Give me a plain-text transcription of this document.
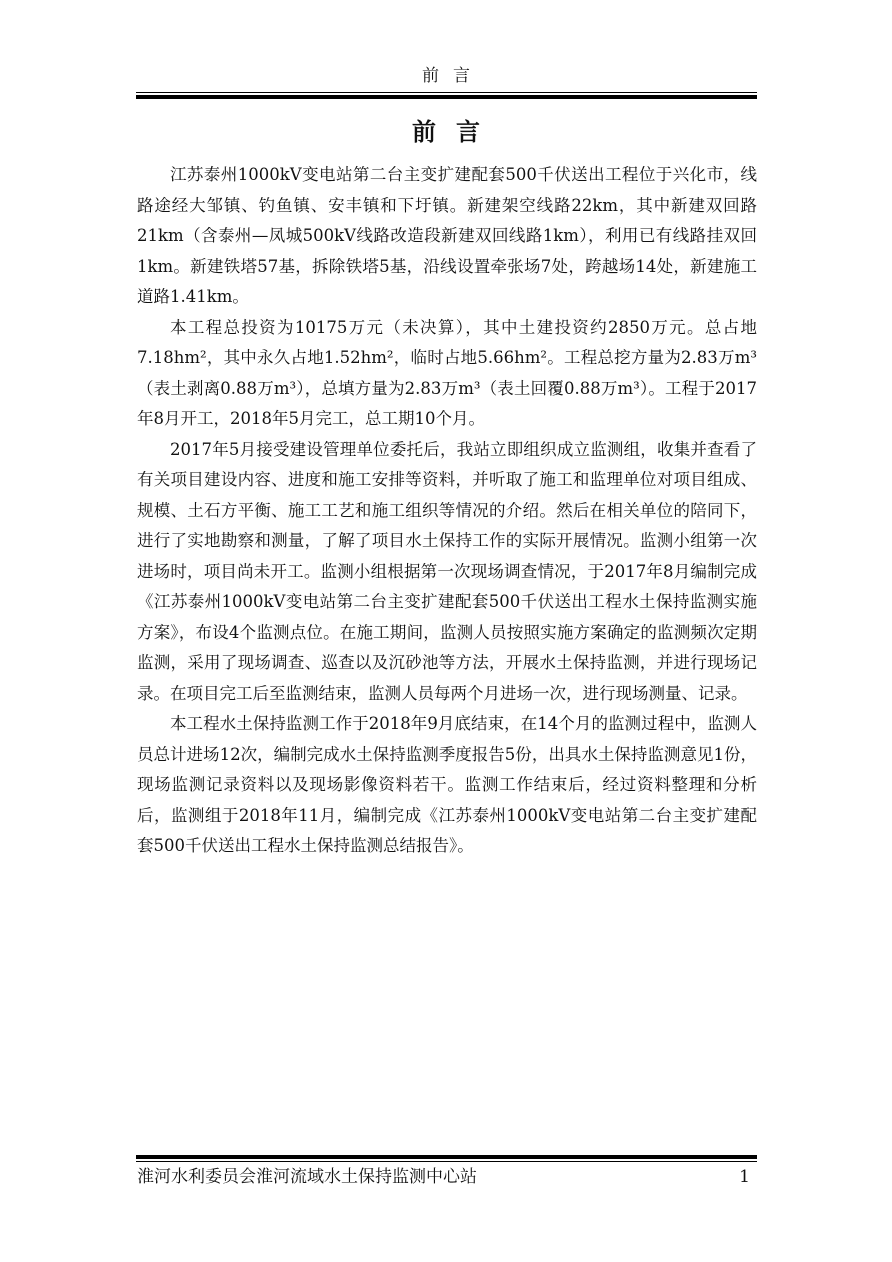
前言
前言

江苏泰州1000kV变电站第二台主变扩建配套500千伏送出工程位于兴化市，线路途经大邹镇、钓鱼镇、安丰镇和下圩镇。新建架空线路22km，其中新建双回路21km（含泰州—凤城500kV线路改造段新建双回线路1km），利用已有线路挂双回1km。新建铁塔57基，拆除铁塔5基，沿线设置牵张场7处，跨越场14处，新建施工道路1.41km。

本工程总投资为10175万元（未决算），其中土建投资约2850万元。总占地7.18hm²，其中永久占地1.52hm²，临时占地5.66hm²。工程总挖方量为2.83万m³（表土剥离0.88万m³），总填方量为2.83万m³（表土回覆0.88万m³）。工程于2017年8月开工，2018年5月完工，总工期10个月。

2017年5月接受建设管理单位委托后，我站立即组织成立监测组，收集并查看了有关项目建设内容、进度和施工安排等资料，并听取了施工和监理单位对项目组成、规模、土石方平衡、施工工艺和施工组织等情况的介绍。然后在相关单位的陪同下，进行了实地勘察和测量，了解了项目水土保持工作的实际开展情况。监测小组第一次进场时，项目尚未开工。监测小组根据第一次现场调查情况，于2017年8月编制完成《江苏泰州1000kV变电站第二台主变扩建配套500千伏送出工程水土保持监测实施方案》，布设4个监测点位。在施工期间，监测人员按照实施方案确定的监测频次定期监测，采用了现场调查、巡查以及沉砂池等方法，开展水土保持监测，并进行现场记录。在项目完工后至监测结束，监测人员每两个月进场一次，进行现场测量、记录。

本工程水土保持监测工作于2018年9月底结束，在14个月的监测过程中，监测人员总计进场12次，编制完成水土保持监测季度报告5份，出具水土保持监测意见1份，现场监测记录资料以及现场影像资料若干。监测工作结束后，经过资料整理和分析后，监测组于2018年11月，编制完成《江苏泰州1000kV变电站第二台主变扩建配套500千伏送出工程水土保持监测总结报告》。

淮河水利委员会淮河流域水土保持监测中心站	1
